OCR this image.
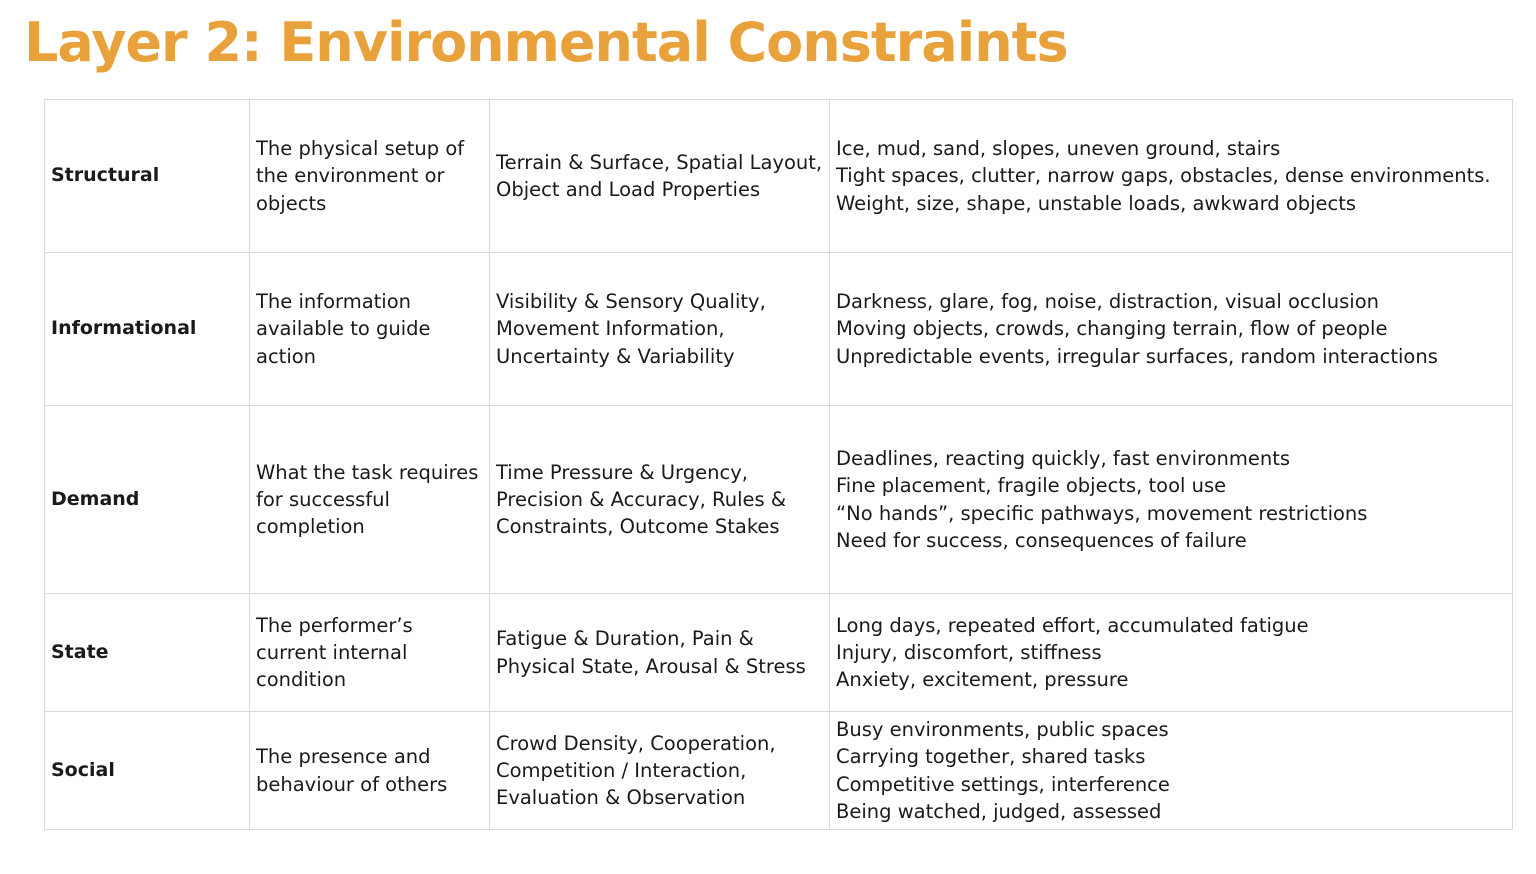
Layer 2: Environmental Constraints
Structural	The physical setup of the environment or objects	Terrain & Surface, Spatial Layout, Object and Load Properties	Ice, mud, sand, slopes, uneven ground, stairs
Tight spaces, clutter, narrow gaps, obstacles, dense environments.
Weight, size, shape, unstable loads, awkward objects

Informational	The information available to guide action	Visibility & Sensory Quality, Movement Information, Uncertainty & Variability	Darkness, glare, fog, noise, distraction, visual occlusion
Moving objects, crowds, changing terrain, flow of people
Unpredictable events, irregular surfaces, random interactions

Demand	What the task requires for successful completion	Time Pressure & Urgency, Precision & Accuracy, Rules & Constraints, Outcome Stakes	Deadlines, reacting quickly, fast environments
Fine placement, fragile objects, tool use
“No hands”, specific pathways, movement restrictions
Need for success, consequences of failure

State	The performer’s current internal condition	Fatigue & Duration, Pain & Physical State, Arousal & Stress	Long days, repeated effort, accumulated fatigue
Injury, discomfort, stiffness
Anxiety, excitement, pressure

Social	The presence and behaviour of others	Crowd Density, Cooperation, Competition / Interaction, Evaluation & Observation	Busy environments, public spaces
Carrying together, shared tasks
Competitive settings, interference
Being watched, judged, assessed
